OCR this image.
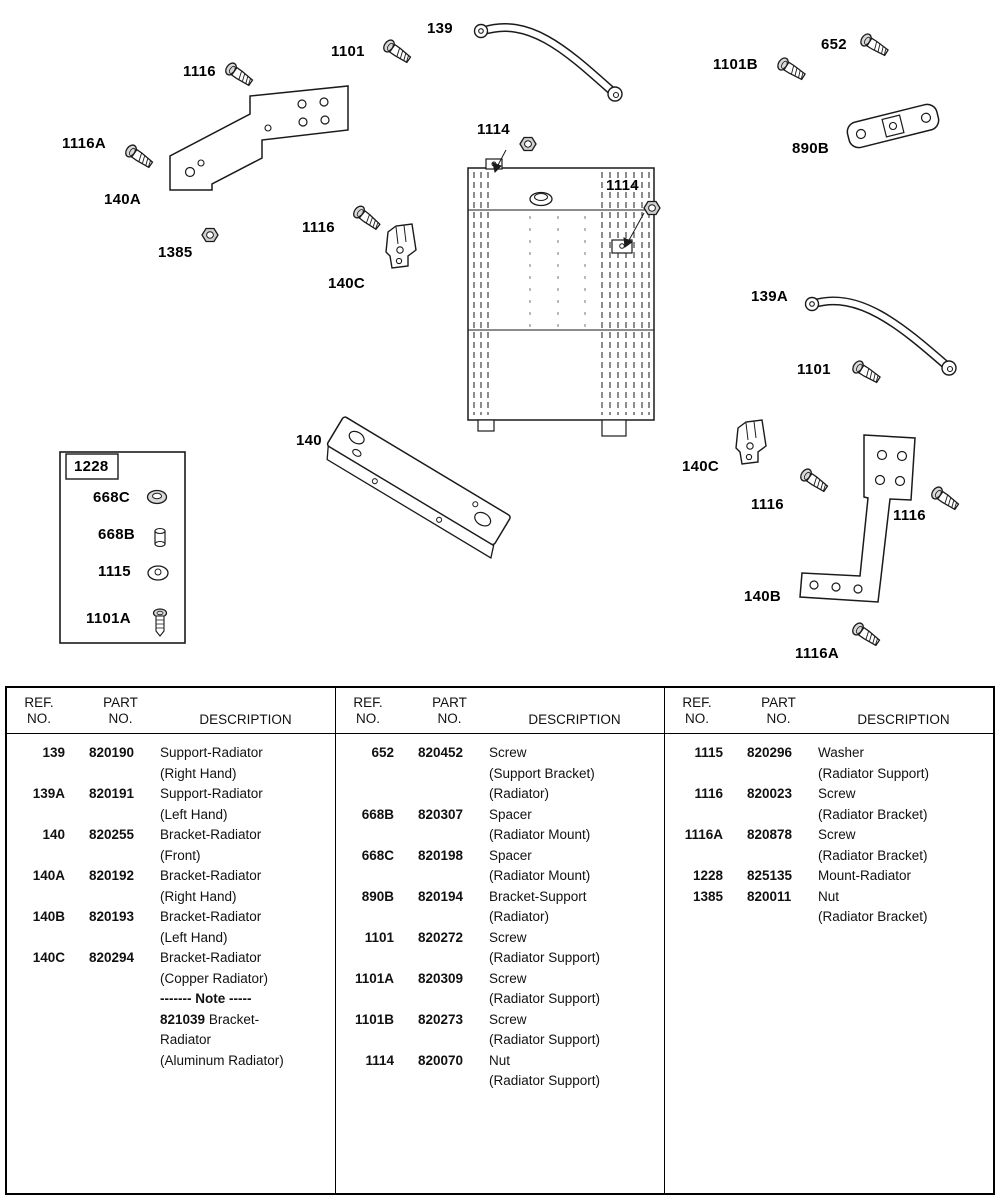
139
1101	652
1116	1101B
1116A
1114
890B
1114
140A
1116
1385
140C
139A
1101
140
140C
1116
1116
140B
1116A
1228
668C
668B
1115
1101A
REF.
NO.
PART
NO.	DESCRIPTION
139 820190	Support-Radiator
(Right Hand)
139A 820191	Support-Radiator
(Left Hand)
140 820255	Bracket-Radiator
(Front)
140A 820192	Bracket-Radiator
(Right Hand)
140B 820193	Bracket-Radiator
(Left Hand)
140C 820294	Bracket-Radiator
(Copper Radiator)
------- Note -----
821039 Bracket-
Radiator
(Aluminum Radiator)
REF.
NO.
PART
NO.	DESCRIPTION
652 820452	Screw
(Support Bracket)
(Radiator)
668B 820307	Spacer
(Radiator Mount)
668C 820198	Spacer
(Radiator Mount)
890B 820194	Bracket-Support
(Radiator)
1101 820272	Screw
(Radiator Support)
1101A 820309	Screw
(Radiator Support)
1101B 820273	Screw
(Radiator Support)
1114 820070	Nut
(Radiator Support)
REF.
NO.
PART
NO.	DESCRIPTION
1115 820296	Washer
(Radiator Support)
1116 820023	Screw
(Radiator Bracket)
1116A 820878	Screw
(Radiator Bracket)
1228 825135	Mount-Radiator
1385 820011	Nut
(Radiator Bracket)
